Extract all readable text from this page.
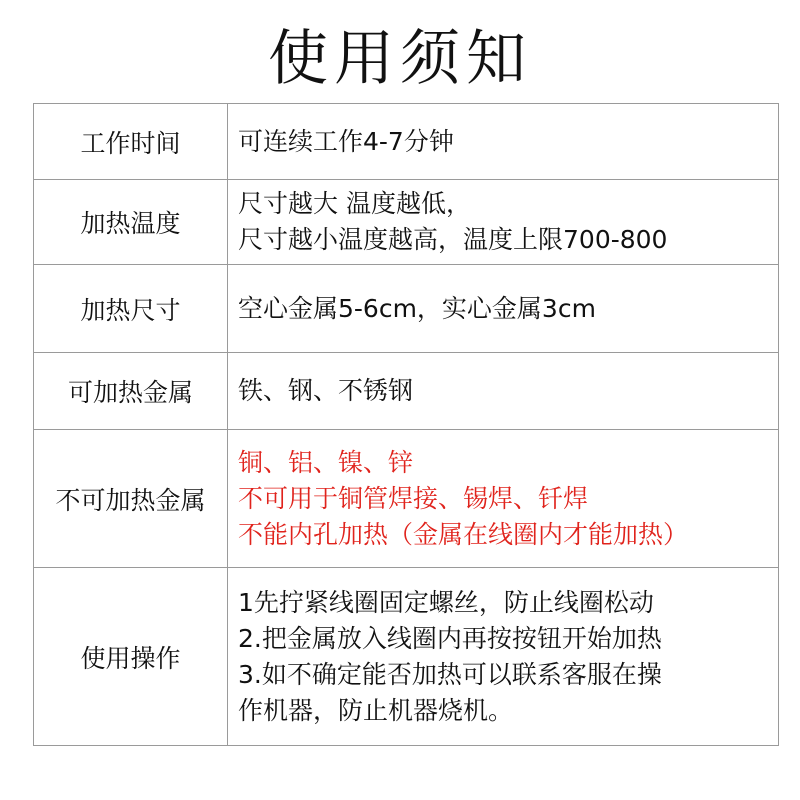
使用须知
工作时间	可连续工作4-7分钟

加热温度	尺寸越大 温度越低，
尺寸越小温度越高，温度上限700-800

加热尺寸	空心金属5-6cm，实心金属3cm

可加热金属	铁、钢、不锈钢

不可加热金属	铜、铝、镍、锌
不可用于铜管焊接、锡焊、钎焊
不能内孔加热（金属在线圈内才能加热）

使用操作	1先拧紧线圈固定螺丝，防止线圈松动
2.把金属放入线圈内再按按钮开始加热
3.如不确定能否加热可以联系客服在操
作机器，防止机器烧机。
